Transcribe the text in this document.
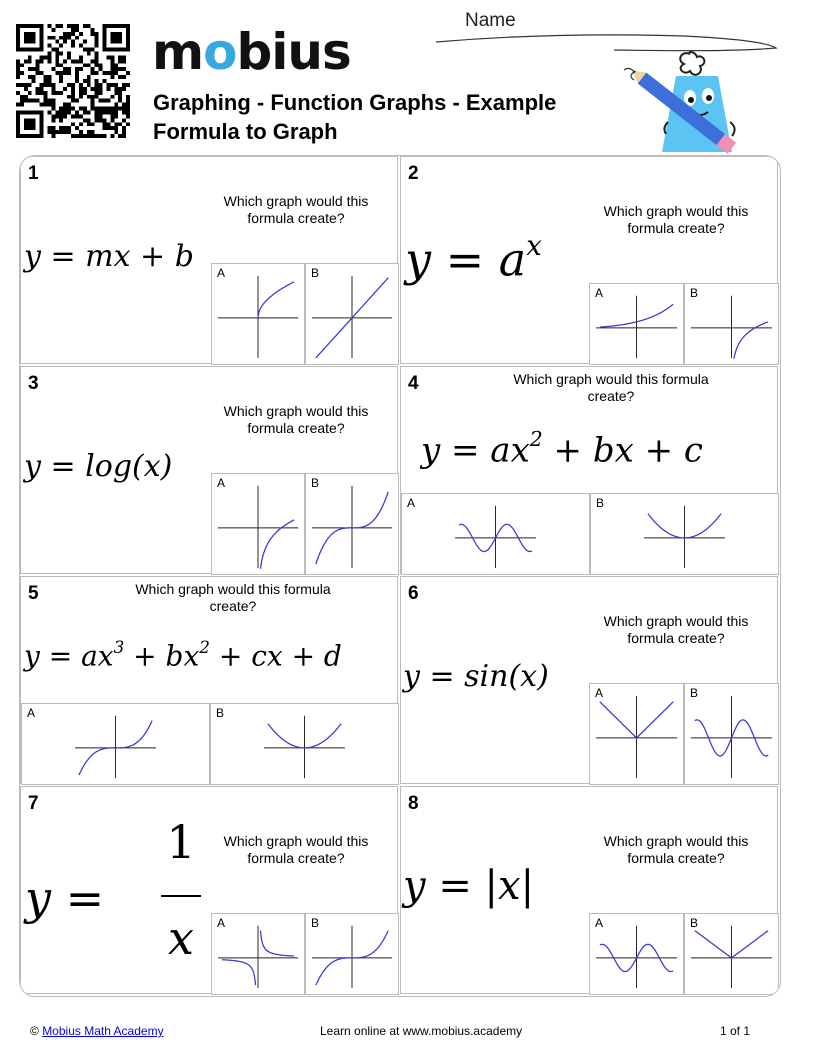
mobius
Graphing - Function Graphs - Example
Formula to Graph
Name
1
Which graph would this formula create?
y = mx + b A	B
2
Which graph would this formula create?
$y = a^x$
A	B
3
Which graph would this formula create?
y = log(x)	A	B
4	Which graph would this formula create?
$y = ax^2$ + bx + c
A	B
5	Which graph would this formula create?
$y = ax^3 + bx^2$ + cx + d
A	B
6
Which graph would this formula create?
y = sin(x)	A	B
7
Which graph would this formula create?
y =
1
x	A	B
8
Which graph would this formula create?
y = |x|
A	B
© Mobius Math Academy	Learn online at www.mobius.academy	1 of 1
